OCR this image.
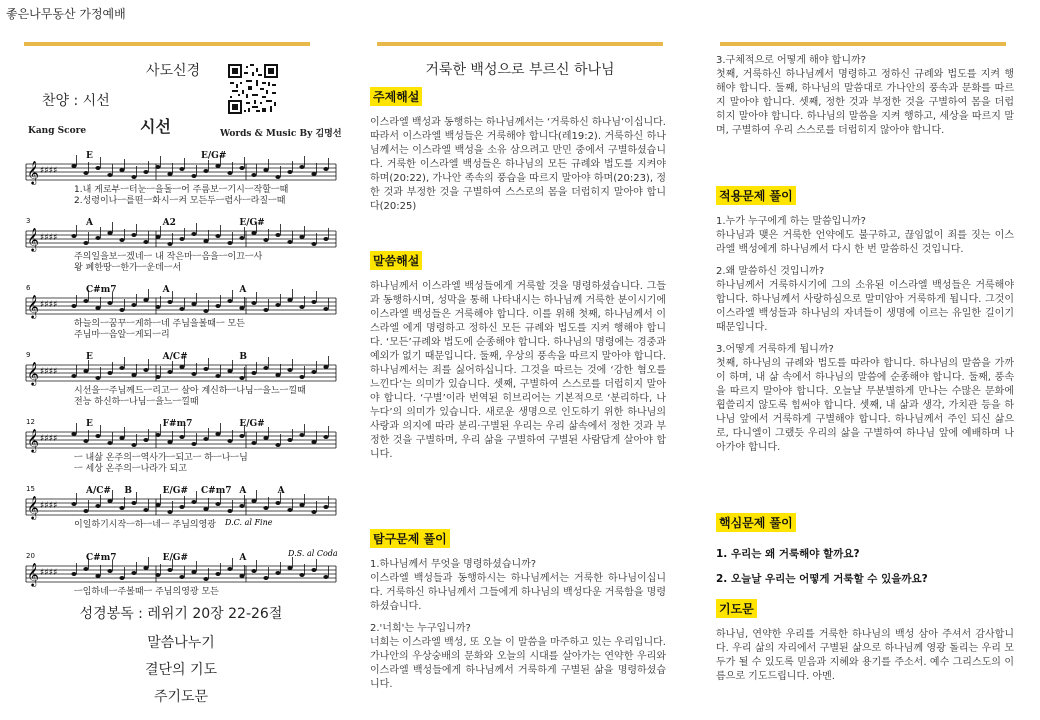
좋은나무동산 가정예배
사도신경
찬양 : 시선
시선
Kang Score	Words & Music By 김명선
𝄞 ♯♯♯♯
E	E/G#
1.내 게로부ㅡ터눈ㅡ을돌ㅡ어 주름보ㅡ기시ㅡ작할ㅡ때
2.성령이나ㅡ를떤ㅡ화시ㅡ켜 모든두ㅡ렴사ㅡ라질ㅡ때
𝄞 ♯♯♯♯
3	A	A2	E/G#
주의일을보ㅡ겠네ㅡ 내 작은마ㅡ음을ㅡ이끄ㅡ사
왕 폐한땅ㅡ한가ㅡ운데ㅡ서
𝄞 ♯♯♯♯
6	C#m7	A	A
하늘의ㅡ꿈꾸ㅡ게하ㅡ네 주님을볼때ㅡ 모든
주님마ㅡ음알ㅡ게되ㅡ리
𝄞 ♯♯♯♯
9	E	A/C#	B
시선을ㅡ주님께드ㅡ리고ㅡ 살아 계신하ㅡ나님ㅡ을느ㅡ낄때
전능 하신하ㅡ나님ㅡ을느ㅡ낄때
𝄞 ♯♯♯♯
12	E	F#m7	E/G#
ㅡ 내삶 온주의ㅡ역사가ㅡ되고ㅡ 하ㅡ나ㅡ님
ㅡ 세상 온주의ㅡ나라가 되고
𝄞 ♯♯♯♯
15	A/C# B	E/G# C#m7 A	A
이일하기시작ㅡ하ㅡ네ㅡ 주님의영광
𝄞 ♯♯♯♯
20	C#m7	E/G#	A
ㅡ임하네ㅡ주볼때ㅡ 주님의영광 모든
D.C. al Fine
D.S. al Coda
성경봉독 : 레위기 20장 22-26절
말씀나누기
결단의 기도
주기도문
거룩한 백성으로 부르신 하나님
주제해설
이스라엘 백성과 동행하는 하나님께서는 ‘거룩하신 하나님’이십니다. 따라서 이스라엘 백성들은 거룩해야 합니다(레19:2). 거룩하신 하나님께서는 이스라엘 백성을 소유 삼으려고 만민 중에서 구별하셨습니다. 거룩한 이스라엘 백성들은 하나님의 모든 규례와 법도를 지켜야 하며(20:22), 가나안 족속의 풍습을 따르지 말아야 하며(20:23), 정한 것과 부정한 것을 구별하여 스스로의 몸을 더럽히지 말아야 합니다(20:25)
말씀해설
하나님께서 이스라엘 백성들에게 거룩할 것을 명령하셨습니다. 그들과 동행하시며, 성막을 통해 나타내시는 하나님께 거룩한 분이시기에 이스라엘 백성들은 거룩해야 합니다. 이를 위해 첫째, 하나님께서 이스라엘 에게 명령하고 정하신 모든 규례와 법도를 지켜 행해야 합니다. ‘모든’규례와 법도에 순종해야 합니다. 하나님의 명령에는 경중과 예외가 없기 때문입니다. 둘째, 우상의 풍속을 따르지 말아야 합니다. 하나님께서는 죄를 싫어하십니다. 그것을 따르는 것에 ‘강한 혐오를 느낀다’는 의미가 있습니다. 셋째, 구별하여 스스로를 더럽히지 말아야 합니다. ‘구별’이라 번역된 히브리어는 기본적으로 ‘분리하다, 나누다’의 의미가 있습니다. 새로운 생명으로 인도하기 위한 하나님의 사랑과 의지에 따라 분리·구별된 우리는 우리 삶속에서 정한 것과 부정한 것을 구별하며, 우리 삶을 구별하여 구별된 사람답게 살아야 합니다.
탐구문제 풀이
1.하나님께서 무엇을 명령하셨습니까?
이스라엘 백성들과 동행하시는 하나님께서는 거룩한 하나님이십니다. 거룩하신 하나님께서 그들에게 하나님의 백성다운 거룩함을 명령하셨습니다.
2.'너희'는 누구입니까?
너희는 이스라엘 백성, 또 오늘 이 말씀을 마주하고 있는 우리입니다. 가나안의 우상숭배의 문화와 오늘의 시대를 살아가는 연약한 우리와 이스라엘 백성들에게 하나님께서 거룩하게 구별된 삶을 명령하셨습니다.
3.구체적으로 어떻게 해야 합니까?
첫째, 거룩하신 하나님께서 명령하고 정하신 규례와 법도를 지켜 행해야 합니다. 둘째, 하나님의 말씀대로 가나안의 풍속과 문화를 따르지 말아야 합니다. 셋째, 정한 것과 부정한 것을 구별하여 몸을 더럽히지 말아야 합니다. 하나님의 말씀을 지켜 행하고, 세상을 따르지 말며, 구별하여 우리 스스로를 더럽히지 않아야 합니다.
적용문제 풀이
1.누가 누구에게 하는 말씀입니까?
하나님과 맺은 거룩한 언약에도 불구하고, 끊임없이 죄를 짓는 이스라엘 백성에게 하나님께서 다시 한 번 말씀하신 것입니다.
2.왜 말씀하신 것입니까?
하나님께서 거룩하시기에 그의 소유된 이스라엘 백성들은 거룩해야 합니다. 하나님께서 사랑하심으로 말미암아 거룩하게 됩니다. 그것이 이스라엘 백성들과 하나님의 자녀들이 생명에 이르는 유일한 길이기 때문입니다.
3.어떻게 거룩하게 됩니까?
첫째, 하나님의 규례와 법도를 따라야 합니다. 하나님의 말씀을 가까이 하며, 내 삶 속에서 하나님의 말씀에 순종해야 합니다. 둘째, 풍속을 따르지 말아야 합니다. 오늘날 무분별하게 만나는 수많은 문화에 휩쓸리지 않도록 힘써야 합니다. 셋째, 내 삶과 생각, 가치관 등을 하나님 앞에서 거룩하게 구별해야 합니다. 하나님께서 주인 되신 삶으로, 다니엘이 그랬듯 우리의 삶을 구별하여 하나님 앞에 예배하며 나아가야 합니다.
핵심문제 풀이
1. 우리는 왜 거룩해야 할까요?
2. 오늘날 우리는 어떻게 거룩할 수 있을까요?
기도문
하나님, 연약한 우리를 거룩한 하나님의 백성 삼아 주셔서 감사합니다. 우리 삶의 자리에서 구별된 삶으로 하나님께 영광 돌리는 우리 모두가 될 수 있도록 믿음과 지혜와 용기를 주소서. 예수 그리스도의 이름으로 기도드립니다. 아멘.
